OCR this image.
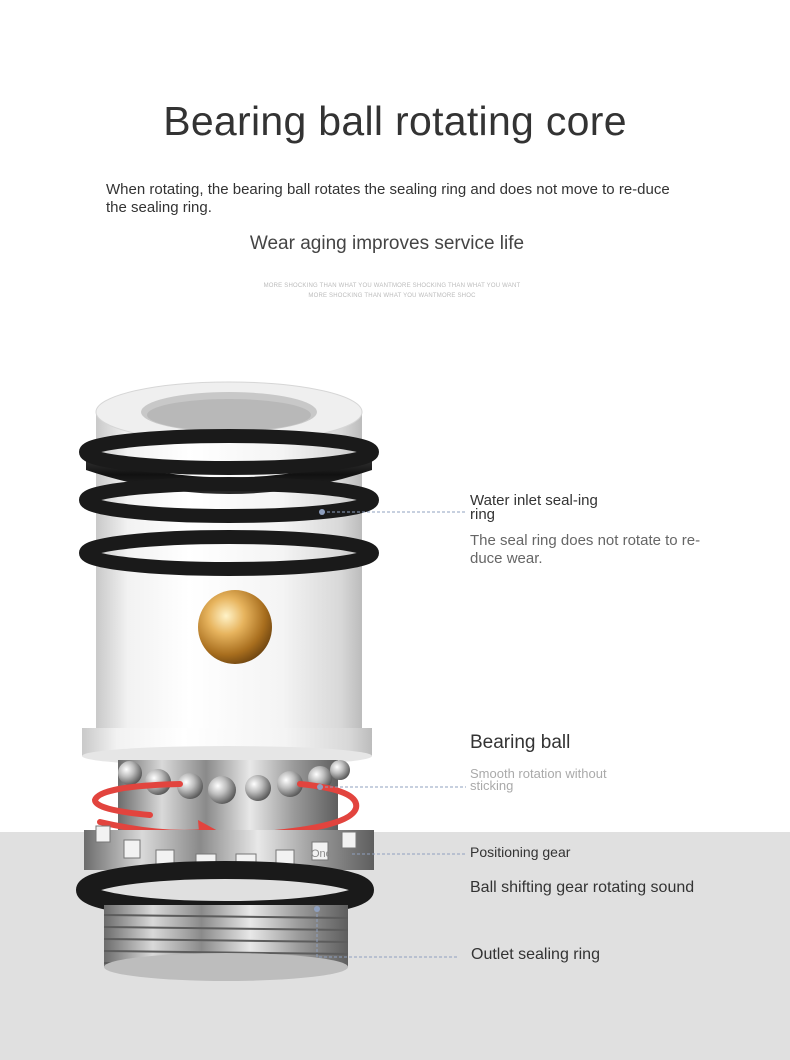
Bearing ball rotating core
When rotating, the bearing ball rotates the sealing ring and does not move to re-duce the sealing ring.
Wear aging improves service life
MORE SHOCKING THAN WHAT YOU WANTMORE SHOCKING THAN WHAT YOU WANT
MORE SHOCKING THAN WHAT YOU WANTMORE SHOC
One
Water inlet seal-ing ring
The seal ring does not rotate to re-duce wear.
Bearing ball
Smooth rotation without sticking
Positioning gear
Ball shifting gear rotating sound
Outlet sealing ring
